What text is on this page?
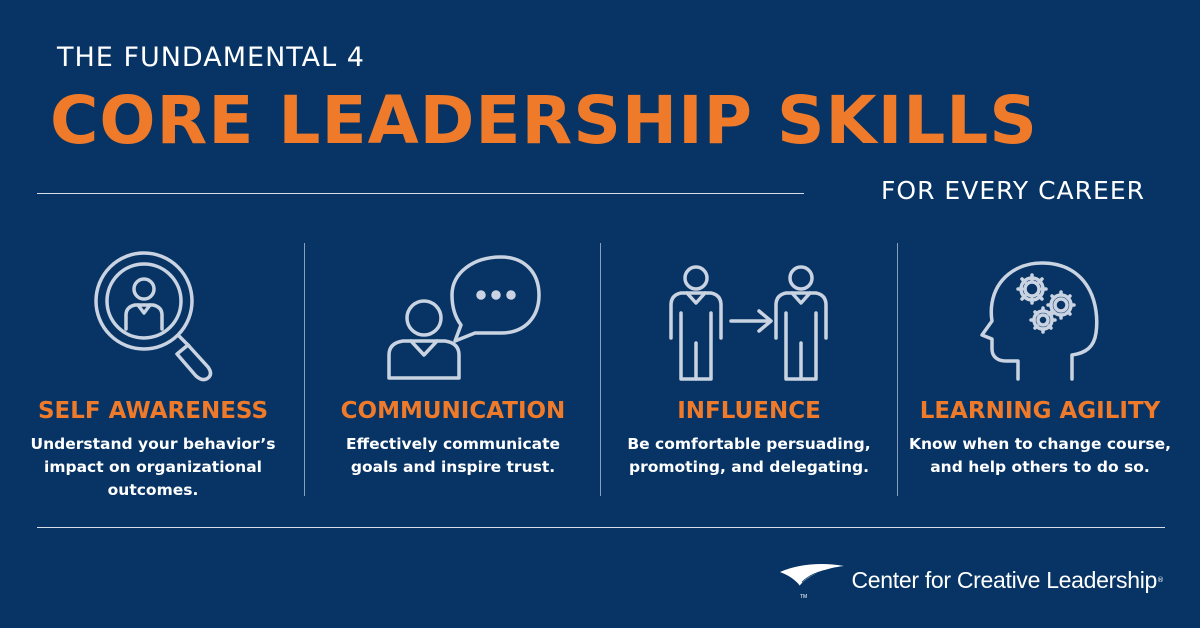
THE FUNDAMENTAL 4
CORE LEADERSHIP SKILLS
FOR EVERY CAREER
SELF AWARENESS
Understand your behavior’s
impact on organizational
outcomes.
COMMUNICATION
Effectively communicate
goals and inspire trust.
INFLUENCE
Be comfortable persuading,
promoting, and delegating.
LEARNING AGILITY
Know when to change course,
and help others to do so.
TM
Center for Creative Leadership ®
